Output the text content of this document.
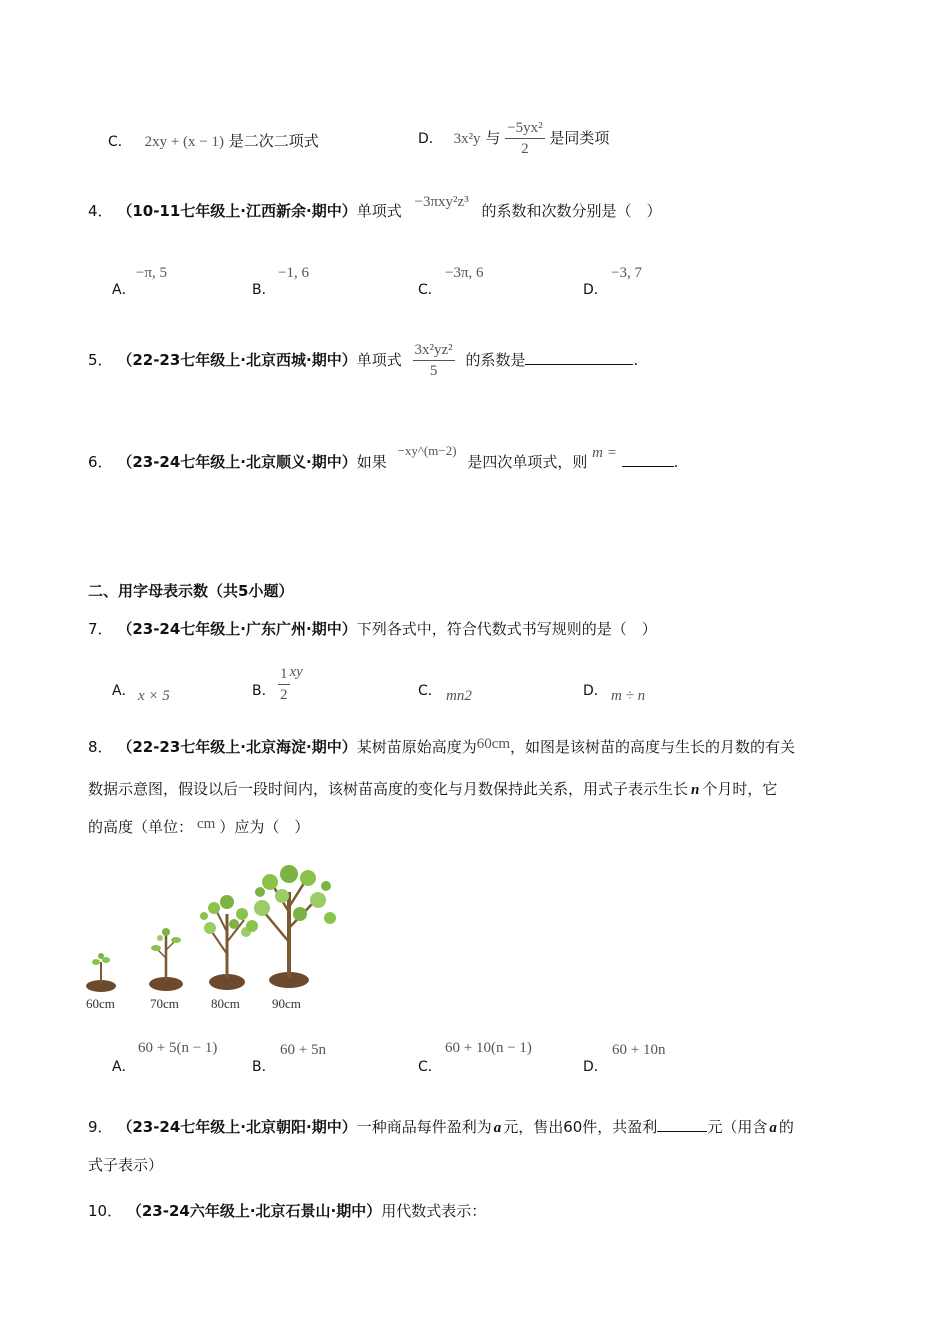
C． 2xy + (x − 1) 是二次二项式	D． 3x²y 与 $\frac{\text{−5yx²}}{2}$ 是同类项
4． （10-11七年级上·江西新余·期中）单项式 −3πxy²z³ 的系数和次数分别是（　）
A．
−π, 5
B．
−1, 6
C．
−3π, 6
D．
−3, 7
5． （22-23七年级上·北京西城·期中）单项式 $\frac{\text{3x²yz²}}{5}$ 的系数是	.
6． （23-24七年级上·北京顺义·期中）如果 −xy^(m−2) 是四次单项式，则 m =	.
二、用字母表示数（共5小题）
7． （23-24七年级上·广东广州·期中）下列各式中，符合代数式书写规则的是（　）
A． x × 5	B． $\frac{1}{2}$ xy
C． mn2	D． m ÷ n
8． （22-23七年级上·北京海淀·期中）某树苗原始高度为60cm，如图是该树苗的高度与生长的月数的有关
数据示意图，假设以后一段时间内，该树苗高度的变化与月数保持此关系，用式子表示生长 n 个月时，它
的高度（单位： cm ）应为（　）
60cm	70cm 80cm 90cm
A．
60 + 5(n − 1)
B．
60 + 5n
C．
60 + 10(n − 1)
D．
60 + 10n
9． （23-24七年级上·北京朝阳·期中）一种商品每件盈利为 a 元，售出60件，共盈利	元（用含 a 的
式子表示）
10． （23-24六年级上·北京石景山·期中）用代数式表示：
